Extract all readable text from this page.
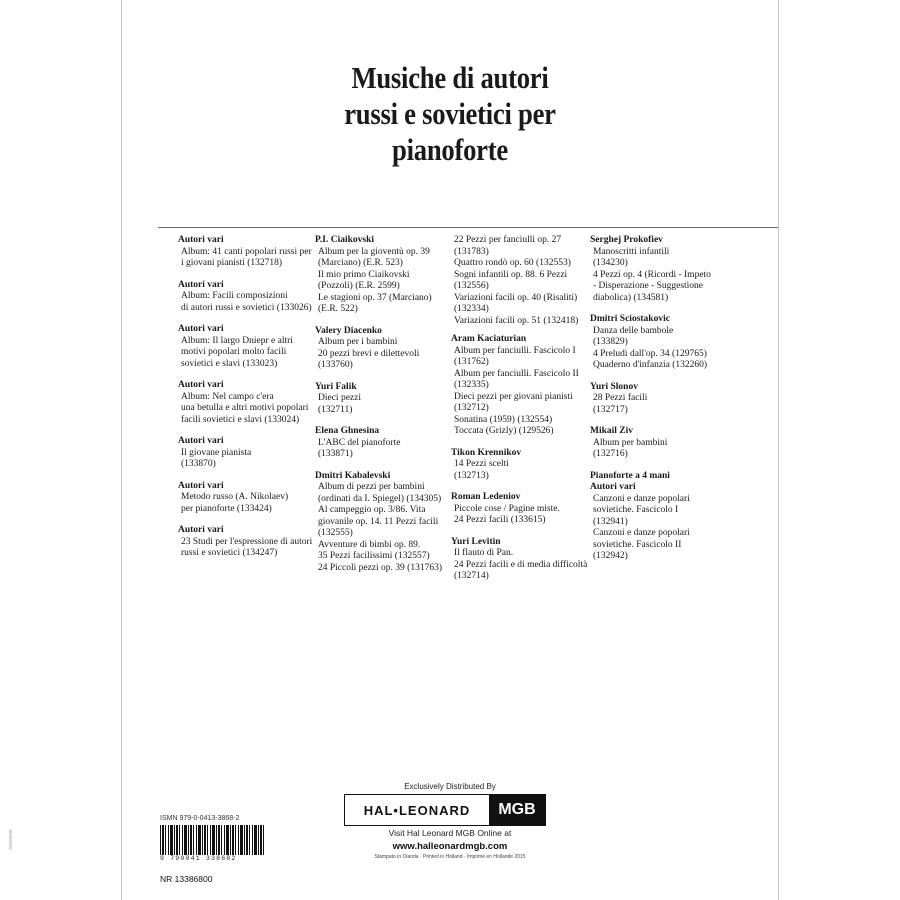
Musiche di autori
russi e sovietici per
pianoforte
Autori vari
Album: 41 canti popolari russi per
i giovani pianisti (132718)
Autori vari
Album: Facili composizioni
di autori russi e sovietici (133026)
Autori vari
Album: Il largo Dniepr e altri
motivi popolari molto facili
sovietici e slavi (133023)
Autori vari
Album: Nel campo c'era
una betulla e altri motivi popolari
facili sovietici e slavi (133024)
Autori vari
Il giovane pianista
(133870)
Autori vari
Metodo russo (A. Nikolaev)
per pianoforte (133424)
Autori vari
23 Studi per l'espressione di autori
russi e sovietici (134247)
P.I. Ciaikovski
Album per la gioventù op. 39
(Marciano) (E.R. 523)
Il mio primo Ciaikovski
(Pozzoli) (E.R. 2599)
Le stagioni op. 37 (Marciano)
(E.R. 522)
Valery Diacenko
Album per i bambini
20 pezzi brevi e dilettevoli
(133760)
Yuri Falik
Dieci pezzi
(132711)
Elena Ghnesina
L'ABC del pianoforte
(133871)
Dmitri Kabalevski
Album di pezzi per bambini
(ordinati da I. Spiegel) (134305)
Al campeggio op. 3/86. Vita
giovanile op. 14. 11 Pezzi facili
(132555)
Avventure di bimbi op. 89.
35 Pezzi facilissimi (132557)
24 Piccoli pezzi op. 39 (131763)
22 Pezzi per fanciulli op. 27
(131783)
Quattro rondò op. 60 (132553)
Sogni infantili op. 88. 6 Pezzi
(132556)
Variazioni facili op. 40 (Risaliti)
(132334)
Variazioni facili op. 51 (132418)
Aram Kaciaturian
Album per fanciulli. Fascicolo I
(131762)
Album per fanciulli. Fascicolo II
(132335)
Dieci pezzi per giovani pianisti
(132712)
Sonatina (1959) (132554)
Toccata (Grizly) (129526)
Tikon Krennikov
14 Pezzi scelti
(132713)
Roman Ledeniov
Piccole cose / Pagine miste.
24 Pezzi facili (133615)
Yuri Levitin
Il flauto di Pan.
24 Pezzi facili e di media difficoltà
(132714)
Serghej Prokofiev
Manoscritti infantili
(134230)
4 Pezzi op. 4 (Ricordi - Impeto
- Disperazione - Suggestione
diabolica) (134581)
Dmitri Sciostakovic
Danza delle bambole
(133829)
4 Preludi dall'op. 34 (129765)
Quaderno d'infanzia (132260)
Yuri Slonov
28 Pezzi facili
(132717)
Mikail Ziv
Album per bambini
(132716)
Pianoforte a 4 mani
Autori vari
Canzoni e danze popolari
sovietiche. Fascicolo I
(132941)
Canzoni e danze popolari
sovietiche. Fascicolo II
(132942)
Exclusively Distributed By
HAL•LEONARD	MGB
Visit Hal Leonard MGB Online at
www.halleonardmgb.com
Stampato in Olanda · Printed in Holland · Imprimé en Hollande 2015
ISMN 979-0-0413-3868-2
9 790041 338682
NR 13386800
A0030090
